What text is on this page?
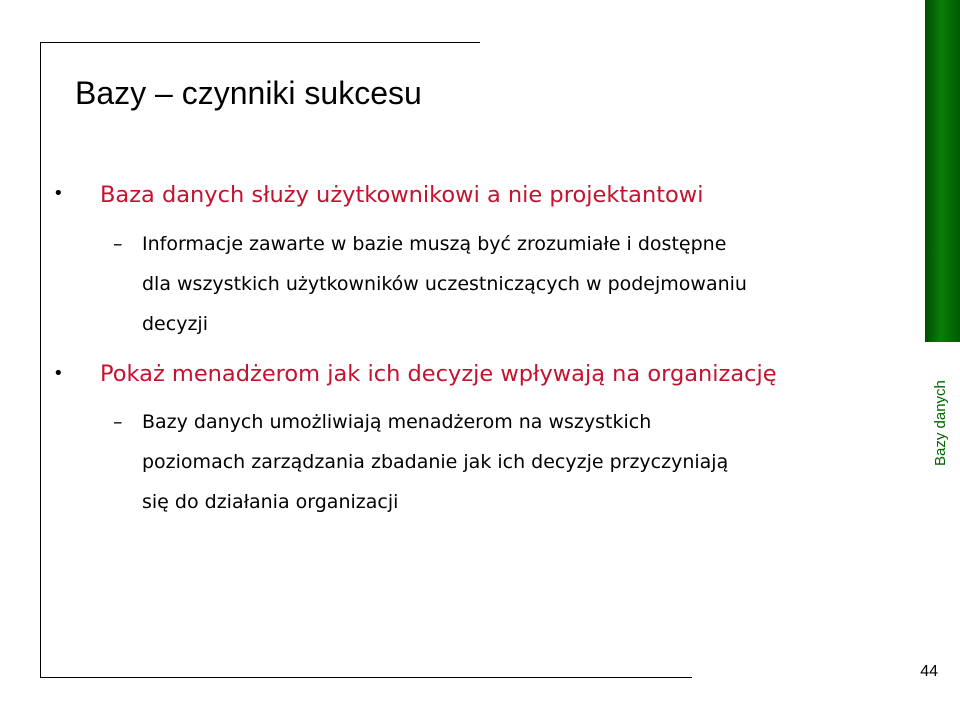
Bazy danych
Bazy – czynniki sukcesu
• Baza danych służy użytkownikowi a nie projektantowi
– Informacje zawarte w bazie muszą być zrozumiałe i dostępne
dla wszystkich użytkowników uczestniczących w podejmowaniu
decyzji
• Pokaż menadżerom jak ich decyzje wpływają na organizację
– Bazy danych umożliwiają menadżerom na wszystkich
poziomach zarządzania zbadanie jak ich decyzje przyczyniają
się do działania organizacji
44
